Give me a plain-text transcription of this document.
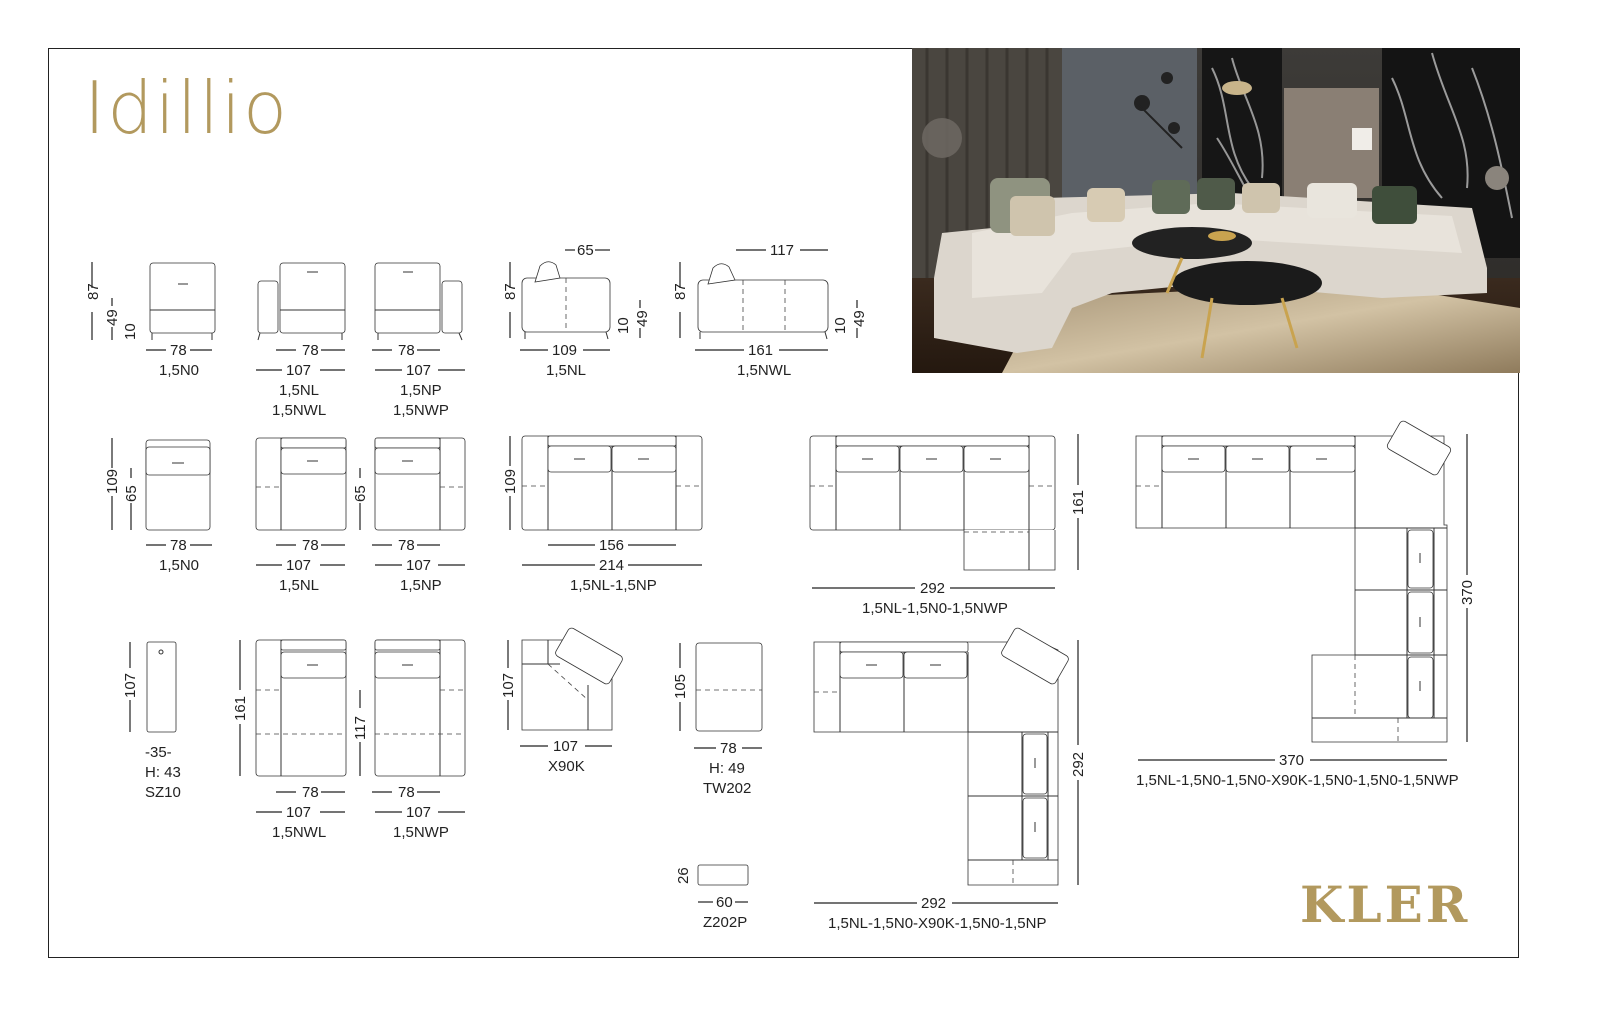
Idillio
87
49
10
78
1,5N0
78
107
1,5NL
1,5NWL
78
107
1,5NP
1,5NWP
65
87
10 49
109
1,5NL
117
87
10 49
161
1,5NWL
109 65
78
1,5N0
78
107
1,5NL
65
78
107
1,5NP
109
156
214
1,5NL-1,5NP
161
292
1,5NL-1,5N0-1,5NWP
370
370
1,5NL-1,5N0-1,5N0-X90K-1,5N0-1,5N0-1,5NWP
107
-35-
H: 43
SZ10
161
78
107
1,5NWL
117
78
107
1,5NWP
107
107
X90K
105
78
H: 49
TW202
26
60
Z202P
292
292
1,5NL-1,5N0-X90K-1,5N0-1,5NP	KLER
